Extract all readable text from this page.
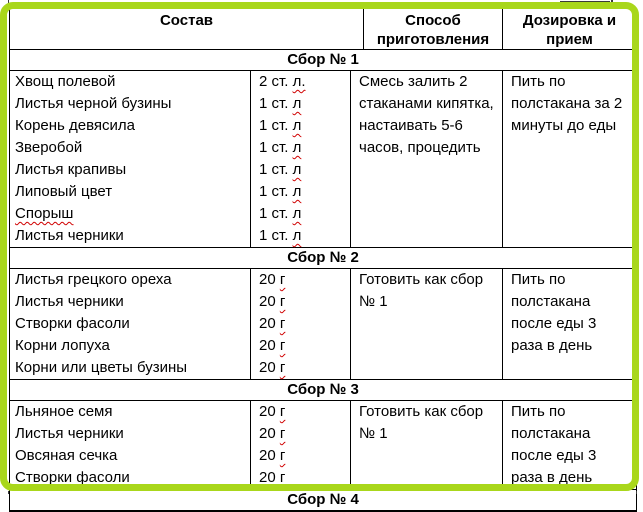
Состав	Способ приготовления
Дозировка и прием
Сбор № 1
Хвощ полевой
Листья черной бузины
Корень девясила
Зверобой
Листья крапивы
Липовый цвет
Спорыш
Листья черники
2 ст. л.
1 ст. л
1 ст. л
1 ст. л
1 ст. л
1 ст. л
1 ст. л
1 ст. л
Смесь залить 2
стаканами кипятка,
настаивать 5-6
часов, процедить
Пить по
полстакана за 2
минуты до еды
Сбор № 2
Листья грецкого ореха
Листья черники
Створки фасоли
Корни лопуха
Корни или цветы бузины
20 г
20 г
20 г
20 г
20 г
Готовить как сбор
№ 1
Пить по
полстакана
после еды 3
раза в день
Сбор № 3
Льняное семя
Листья черники
Овсяная сечка
Створки фасоли
20 г
20 г
20 г
20 г
Готовить как сбор
№ 1
Пить по
полстакана
после еды 3
раза в день
Сбор № 4
